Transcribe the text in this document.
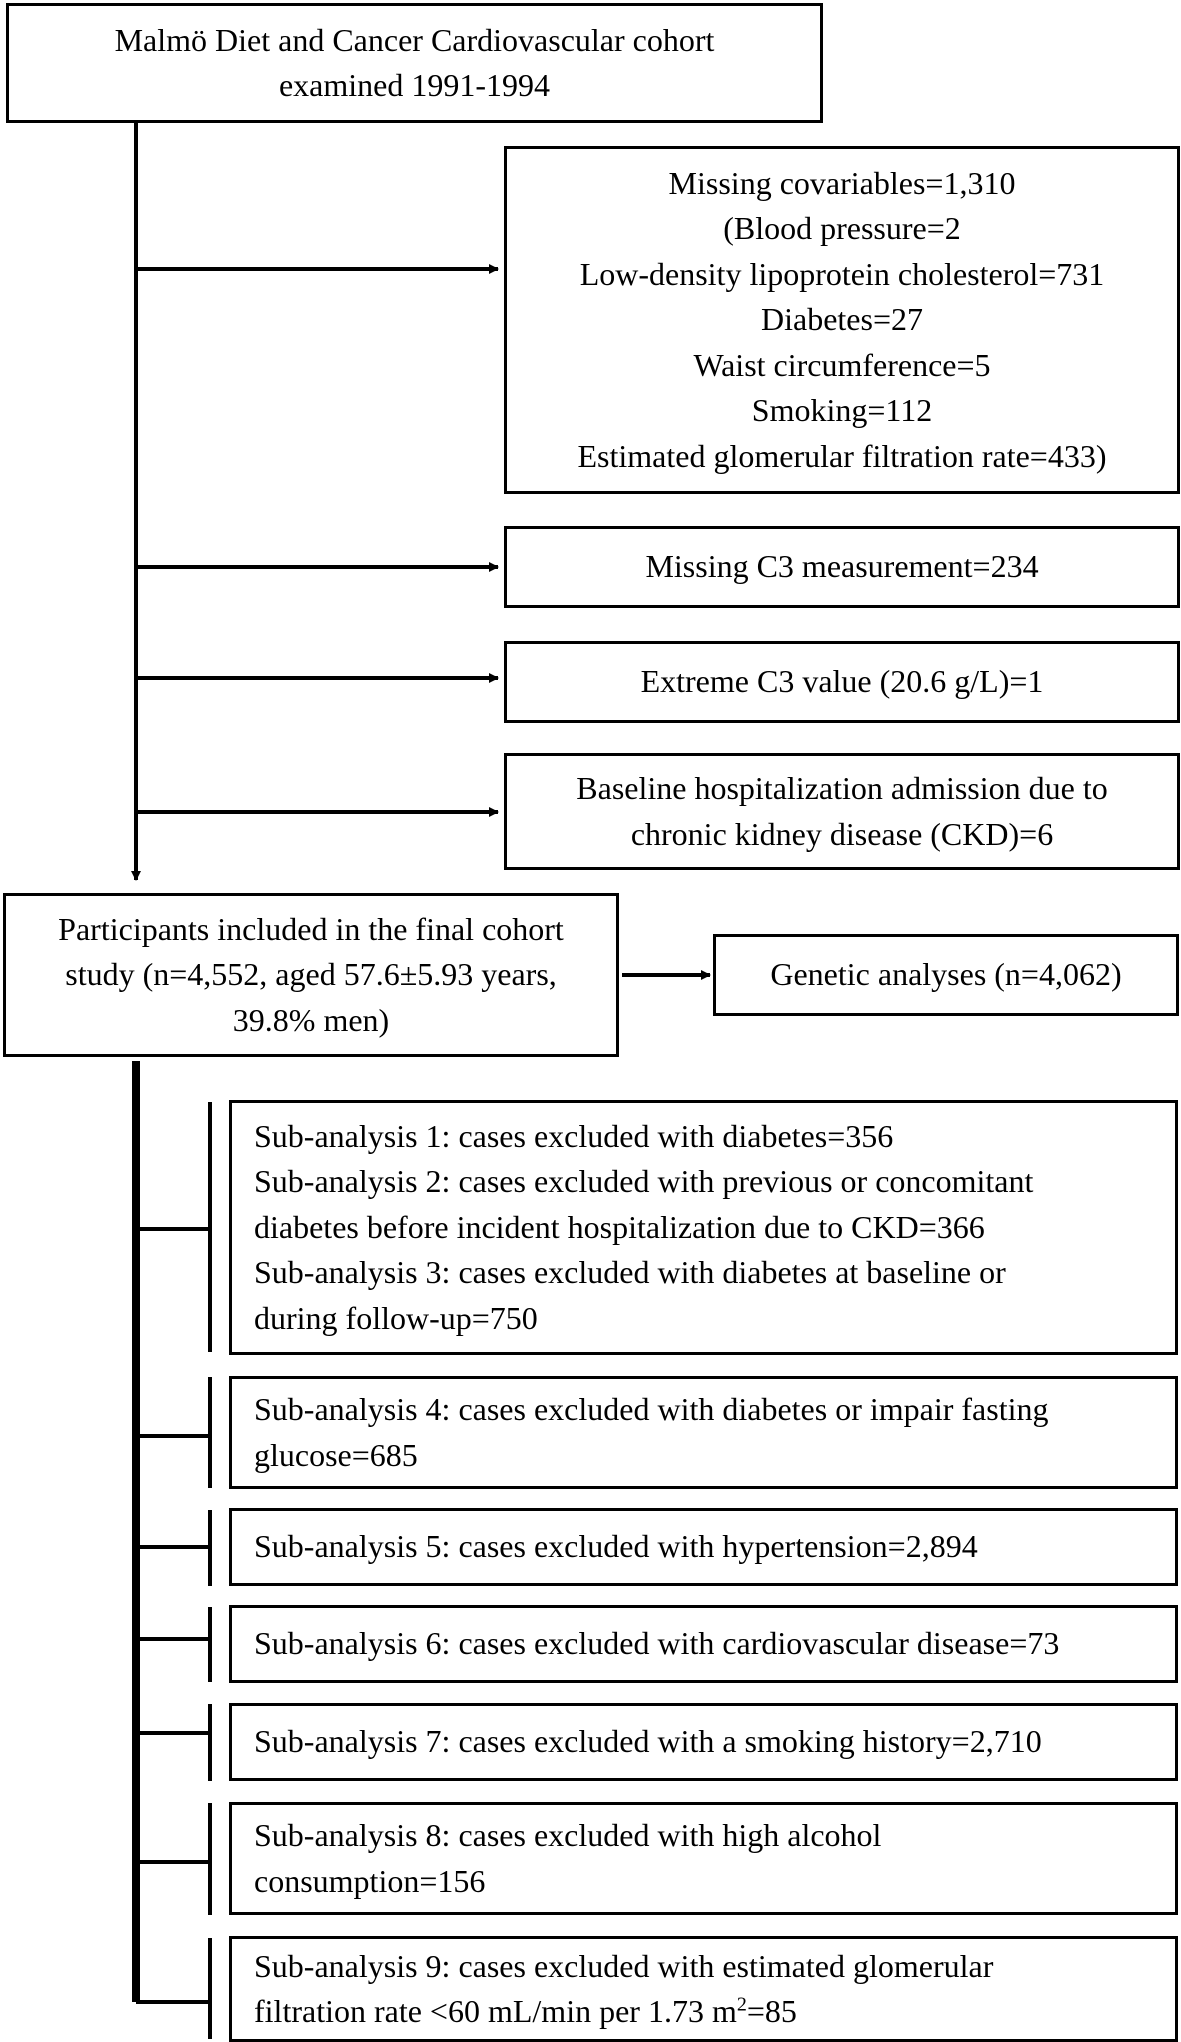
Malmö Diet and Cancer Cardiovascular cohort
examined 1991-1994
Missing covariables=1,310
(Blood pressure=2
Low-density lipoprotein cholesterol=731
Diabetes=27
Waist circumference=5
Smoking=112
Estimated glomerular filtration rate=433)
Missing C3 measurement=234
Extreme C3 value (20.6 g/L)=1
Baseline hospitalization admission due to
chronic kidney disease (CKD)=6
Participants included in the final cohort
study (n=4,552, aged 57.6±5.93 years,
39.8% men)
Genetic analyses (n=4,062)
Sub-analysis 1: cases excluded with diabetes=356
Sub-analysis 2: cases excluded with previous or concomitant
diabetes before incident hospitalization due to CKD=366
Sub-analysis 3: cases excluded with diabetes at baseline or
during follow-up=750
Sub-analysis 4: cases excluded with diabetes or impair fasting
glucose=685
Sub-analysis 5: cases excluded with hypertension=2,894
Sub-analysis 6: cases excluded with cardiovascular disease=73
Sub-analysis 7: cases excluded with a smoking history=2,710
Sub-analysis 8: cases excluded with high alcohol
consumption=156
Sub-analysis 9: cases excluded with estimated glomerular
filtration rate <60 mL/min per 1.73 $m^2=85$
